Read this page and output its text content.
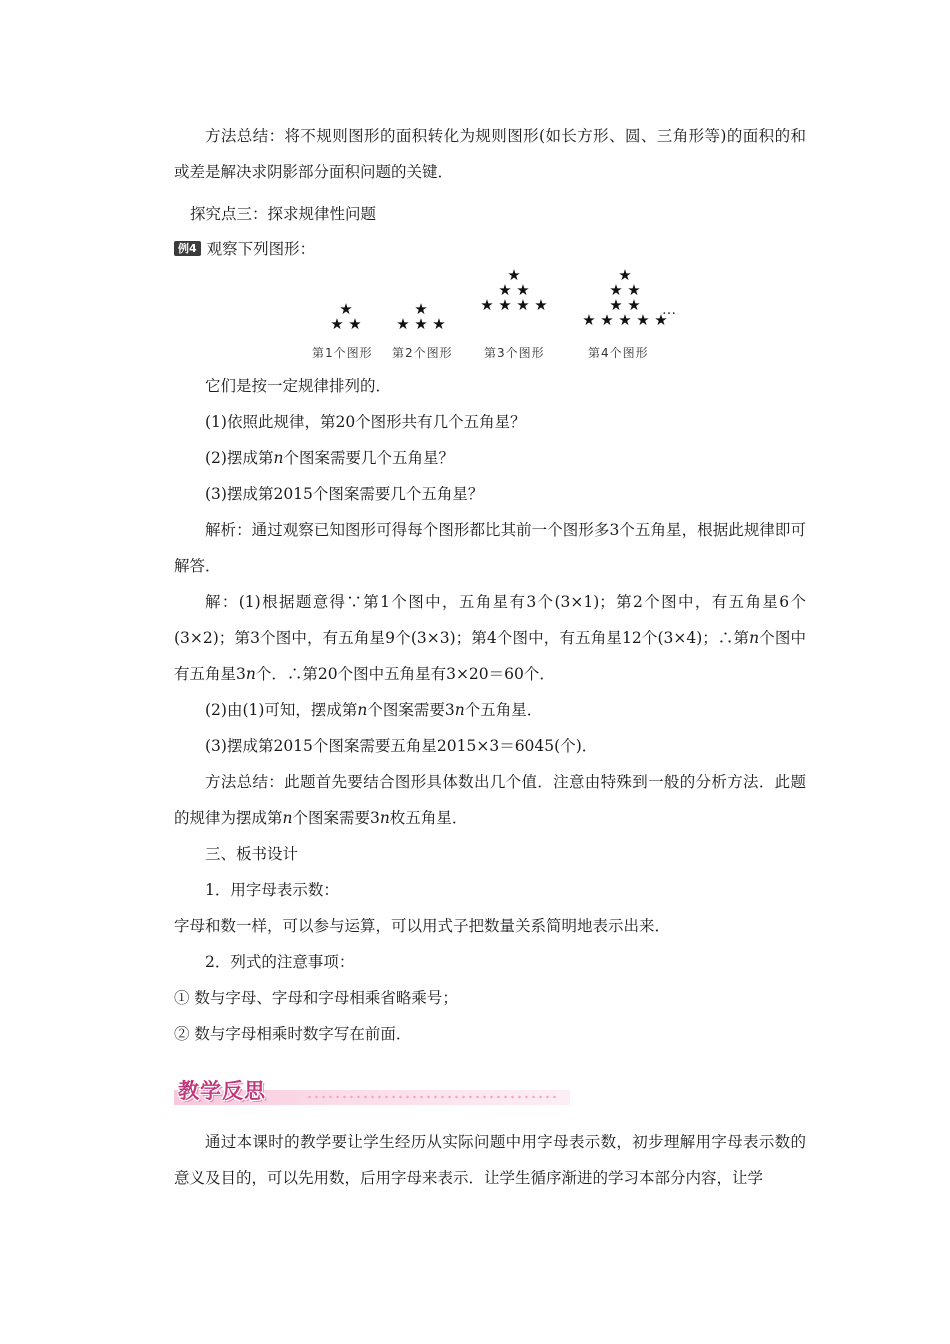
方法总结：将不规则图形的面积转化为规则图形(如长方形、圆、三角形等)的面积的和或差是解决求阴影部分面积问题的关键．

探究点三：探求规律性问题

例4 观察下列图形：

★
★ ★
★
★ ★ ★
★
★ ★
★ ★ ★ ★
★
★ ★
★ ★
★ ★ ★ ★ ★
第1个图形 第2个图形	第3个图形	第4个图形
…

它们是按一定规律排列的．

(1)依照此规律，第20个图形共有几个五角星？

(2)摆成第n个图案需要几个五角星？

(3)摆成第2015个图案需要几个五角星？

解析：通过观察已知图形可得每个图形都比其前一个图形多3个五角星，根据此规律即可解答．

解：(1)根据题意得∵第1个图中，五角星有3个(3×1)；第2个图中，有五角星6个(3×2)；第3个图中，有五角星9个(3×3)；第4个图中，有五角星12个(3×4)；∴第n个图中有五角星3n个．∴第20个图中五角星有3×20＝60个．

(2)由(1)可知，摆成第n个图案需要3n个五角星．

(3)摆成第2015个图案需要五角星2015×3＝6045(个)．

方法总结：此题首先要结合图形具体数出几个值．注意由特殊到一般的分析方法．此题的规律为摆成第n个图案需要3n枚五角星．

三、板书设计

1．用字母表示数：

字母和数一样，可以参与运算，可以用式子把数量关系简明地表示出来．

2．列式的注意事项：

① 数与字母、字母和字母相乘省略乘号；

② 数与字母相乘时数字写在前面．

教学反思

通过本课时的教学要让学生经历从实际问题中用字母表示数，初步理解用字母表示数的意义及目的，可以先用数，后用字母来表示．让学生循序渐进的学习本部分内容，让学
